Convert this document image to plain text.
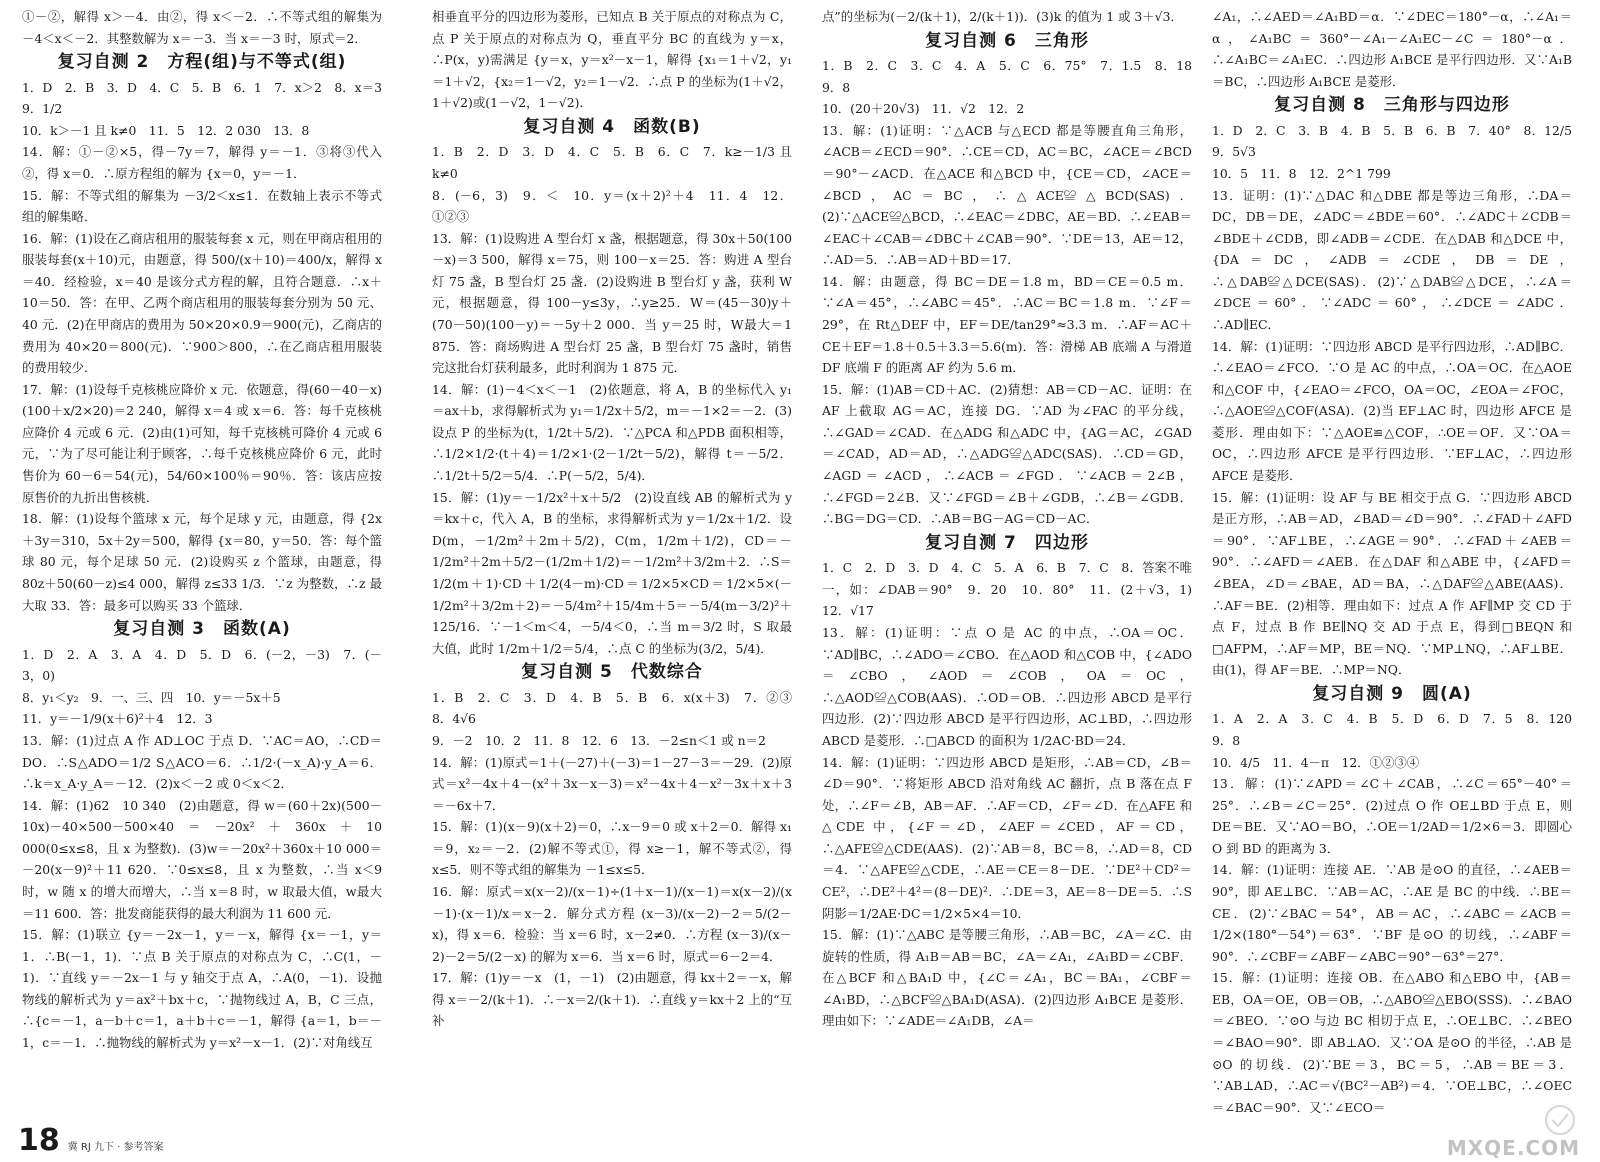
①－②，解得 x＞－4．由②，得 x＜－2．∴不等式组的解集为 －4＜x＜－2．其整数解为 x＝－3．当 x＝－3 时，原式＝2．
复习自测 2　方程(组)与不等式(组)
1．D　2．B　3．D　4．C　5．B　6．1　7．x＞2　8．x＝3　9．1/2
10．k＞－1 且 k≠0　11．5　12．2 030　13．8
14．解：①－②×5，得－7y＝7，解得 y＝－1．③将③代入②，得 x＝0．∴原方程组的解为 {x＝0，y＝－1．
15．解：不等式组的解集为 －3/2＜x≤1．在数轴上表示不等式组的解集略．
16．解：(1)设在乙商店租用的服装每套 x 元，则在甲商店租用的服装每套(x＋10)元，由题意，得 500/(x＋10)＝400/x，解得 x＝40．经检验，x＝40 是该分式方程的解，且符合题意．∴x＋10＝50．答：在甲、乙两个商店租用的服装每套分别为 50 元、40 元．(2)在甲商店的费用为 50×20×0.9＝900(元)，乙商店的费用为 40×20＝800(元)．∵900＞800，∴在乙商店租用服装的费用较少．
17．解：(1)设每千克核桃应降价 x 元．依题意，得(60－40－x)(100＋x/2×20)＝2 240，解得 x＝4 或 x＝6．答：每千克核桃应降价 4 元或 6 元．(2)由(1)可知，每千克核桃可降价 4 元或 6 元，∵为了尽可能让利于顾客，∴每千克核桃应降价 6 元，此时售价为 60－6＝54(元)，54/60×100％＝90％．答：该店应按原售价的九折出售核桃．
18．解：(1)设每个篮球 x 元，每个足球 y 元，由题意，得 {2x＋3y＝310，5x＋2y＝500，解得 {x＝80，y＝50．答：每个篮球 80 元，每个足球 50 元．(2)设购买 z 个篮球，由题意，得 80z＋50(60－z)≤4 000，解得 z≤33 1/3．∵z 为整数，∴z 最大取 33．答：最多可以购买 33 个篮球．
复习自测 3　函数(A)
1．D　2．A　3．A　4．D　5．D　6．(－2，－3)　7．(－3，0)
8．y₁＜y₂　9．一、三、四　10．y＝－5x＋5
11．y＝－1/9(x＋6)²＋4　12．3
13．解：(1)过点 A 作 AD⊥OC 于点 D．∵AC＝AO，∴CD＝DO．∴S△ADO＝1/2 S△ACO＝6．∴1/2·(－x_A)·y_A＝6．∴k＝x_A·y_A＝－12．(2)x＜－2 或 0＜x＜2．
14．解：(1)62　10 340　(2)由题意，得 w＝(60＋2x)(500－10x)－40×500－500×40＝－20x²＋360x＋10 000(0≤x≤8，且 x 为整数)．(3)w＝－20x²＋360x＋10 000＝－20(x－9)²＋11 620．∵0≤x≤8，且 x 为整数，∴当 x＜9 时，w 随 x 的增大而增大，∴当 x＝8 时，w 取最大值，w最大＝11 600．答：批发商能获得的最大利润为 11 600 元．
15．解：(1)联立 {y＝－2x－1，y＝－x，解得 {x＝－1，y＝1．∴B(－1，1)．∵点 B 关于原点的对称点为 C，∴C(1，－1)．∵直线 y＝－2x－1 与 y 轴交于点 A，∴A(0，－1)．设抛物线的解析式为 y＝ax²＋bx＋c，∵抛物线过 A，B，C 三点，∴{c＝－1，a－b＋c＝1，a＋b＋c＝－1，解得 {a＝1，b＝－1，c＝－1．∴抛物线的解析式为 y＝x²－x－1．(2)∵对角线互
相垂直平分的四边形为菱形，已知点 B 关于原点的对称点为 C，点 P 关于原点的对称点为 Q，垂直平分 BC 的直线为 y＝x，∴P(x，y)需满足 {y＝x，y＝x²－x－1，解得 {x₁＝1＋√2，y₁＝1＋√2，{x₂＝1－√2，y₂＝1－√2．∴点 P 的坐标为(1＋√2，1＋√2)或(1－√2，1－√2)．
复习自测 4　函数(B)
1．B　2．D　3．D　4．C　5．B　6．C　7．k≥－1/3 且 k≠0
8．(－6，3)　9．＜　10．y＝(x＋2)²＋4　11．4　12．①②③
13．解：(1)设购进 A 型台灯 x 盏，根据题意，得 30x＋50(100－x)＝3 500，解得 x＝75，则 100－x＝25．答：购进 A 型台灯 75 盏，B 型台灯 25 盏．(2)设购进 B 型台灯 y 盏，获利 W 元，根据题意，得 100－y≤3y，∴y≥25．W＝(45－30)y＋(70－50)(100－y)＝－5y＋2 000．当 y＝25 时，W最大＝1 875．答：商场购进 A 型台灯 25 盏，B 型台灯 75 盏时，销售完这批台灯获利最多，此时利润为 1 875 元．
14．解：(1)－4＜x＜－1　(2)依题意，将 A，B 的坐标代入 y₁＝ax＋b，求得解析式为 y₁＝1/2x＋5/2，m＝－1×2＝－2．(3)设点 P 的坐标为(t，1/2t＋5/2)．∵△PCA 和△PDB 面积相等，∴1/2×1/2·(t＋4)＝1/2×1·(2－1/2t－5/2)，解得 t＝－5/2．∴1/2t＋5/2＝5/4．∴P(－5/2，5/4)．
15．解：(1)y＝－1/2x²＋x＋5/2　(2)设直线 AB 的解析式为 y＝kx＋c，代入 A，B 的坐标，求得解析式为 y＝1/2x＋1/2．设 D(m，－1/2m²＋2m＋5/2)，C(m，1/2m＋1/2)，CD＝－1/2m²＋2m＋5/2－(1/2m＋1/2)＝－1/2m²＋3/2m＋2．∴S＝1/2(m＋1)·CD＋1/2(4－m)·CD＝1/2×5×CD＝1/2×5×(－1/2m²＋3/2m＋2)＝－5/4m²＋15/4m＋5＝－5/4(m－3/2)²＋125/16．∵－1＜m＜4，－5/4＜0，∴当 m＝3/2 时，S 取最大值，此时 1/2m＋1/2＝5/4，∴点 C 的坐标为(3/2，5/4)．
复习自测 5　代数综合
1．B　2．C　3．D　4．B　5．B　6．x(x＋3)　7．②③　8．4√6
9．－2　10．2　11．8　12．6　13．－2≤n＜1 或 n＝2
14．解：(1)原式＝1＋(－27)＋(－3)＝1－27－3＝－29．(2)原式＝x²－4x＋4－(x²＋3x－x－3)＝x²－4x＋4－x²－3x＋x＋3＝－6x＋7．
15．解：(1)(x－9)(x＋2)＝0，∴x－9＝0 或 x＋2＝0．解得 x₁＝9，x₂＝－2．(2)解不等式①，得 x≥－1，解不等式②，得 x≤5．则不等式组的解集为 －1≤x≤5．
16．解：原式＝x(x－2)/(x－1)÷(1＋x－1)/(x－1)＝x(x－2)/(x－1)·(x－1)/x＝x－2．解分式方程 (x－3)/(x－2)－2＝5/(2－x)，得 x＝6．检验：当 x＝6 时，x－2≠0．∴方程 (x－3)/(x－2)－2＝5/(2－x) 的解为 x＝6．当 x＝6 时，原式＝6－2＝4．
17．解：(1)y＝－x　(1，－1)　(2)由题意，得 kx＋2＝－x，解得 x＝－2/(k＋1)．∴－x＝2/(k＋1)．∴直线 y＝kx＋2 上的“互补
点”的坐标为(－2/(k＋1)，2/(k＋1))．(3)k 的值为 1 或 3＋√3．
复习自测 6　三角形
1．B　2．C　3．C　4．A　5．C　6．75°　7．1.5　8．18　9．8
10．(20＋20√3)　11．√2　12．2
13．解：(1)证明：∵△ACB 与△ECD 都是等腰直角三角形，∠ACB＝∠ECD＝90°．∴CE＝CD，AC＝BC，∠ACE＝∠BCD＝90°－∠ACD．在△ACE 和△BCD 中，{CE＝CD，∠ACE＝∠BCD，AC＝BC，∴△ACE≌△BCD(SAS)．(2)∵△ACE≌△BCD，∴∠EAC＝∠DBC，AE＝BD．∴∠EAB＝∠EAC＋∠CAB＝∠DBC＋∠CAB＝90°．∵DE＝13，AE＝12，∴AD＝5．∴AB＝AD＋BD＝17．
14．解：由题意，得 BC＝DE＝1.8 m，BD＝CE＝0.5 m．∵∠A＝45°，∴∠ABC＝45°．∴AC＝BC＝1.8 m．∵∠F＝29°，在 Rt△DEF 中，EF＝DE/tan29°≈3.3 m．∴AF＝AC＋CE＋EF＝1.8＋0.5＋3.3＝5.6(m)．答：滑梯 AB 底端 A 与滑道 DF 底端 F 的距离 AF 约为 5.6 m．
15．解：(1)AB＝CD＋AC．(2)猜想：AB＝CD－AC．证明：在 AF 上截取 AG＝AC，连接 DG．∵AD 为∠FAC 的平分线，∴∠GAD＝∠CAD．在△ADG 和△ADC 中，{AG＝AC，∠GAD＝∠CAD，AD＝AD，∴△ADG≌△ADC(SAS)．∴CD＝GD，∠AGD＝∠ACD，∴∠ACB＝∠FGD．∵∠ACB＝2∠B，∴∠FGD＝2∠B．又∵∠FGD＝∠B＋∠GDB，∴∠B＝∠GDB．∴BG＝DG＝CD．∴AB＝BG－AG＝CD－AC．
复习自测 7　四边形
1．C　2．D　3．D　4．C　5．A　6．B　7．C　8．答案不唯一，如：∠DAB＝90°　9．20　10．80°　11．(2＋√3，1)　12．√17
13．解：(1)证明：∵点 O 是 AC 的中点，∴OA＝OC．∵AD∥BC，∴∠ADO＝∠CBO．在△AOD 和△COB 中，{∠ADO＝∠CBO，∠AOD＝∠COB，OA＝OC，∴△AOD≌△COB(AAS)．∴OD＝OB．∴四边形 ABCD 是平行四边形．(2)∵四边形 ABCD 是平行四边形，AC⊥BD，∴四边形 ABCD 是菱形．∴□ABCD 的面积为 1/2AC·BD＝24．
14．解：(1)证明：∵四边形 ABCD 是矩形，∴AB＝CD，∠B＝∠D＝90°．∵将矩形 ABCD 沿对角线 AC 翻折，点 B 落在点 F 处，∴∠F＝∠B，AB＝AF．∴AF＝CD，∠F＝∠D．在△AFE 和△CDE 中，{∠F＝∠D，∠AEF＝∠CED，AF＝CD，∴△AFE≌△CDE(AAS)．(2)∵AB＝8，BC＝8，∴AD＝8，CD＝4．∵△AFE≌△CDE，∴AE＝CE＝8－DE．∵DE²＋CD²＝CE²，∴DE²＋4²＝(8－DE)²．∴DE＝3，AE＝8－DE＝5．∴S阴影＝1/2AE·DC＝1/2×5×4＝10．
15．解：(1)∵△ABC 是等腰三角形，∴AB＝BC，∠A＝∠C．由旋转的性质，得 A₁B＝AB＝BC，∠A＝∠A₁，∠A₁BD＝∠CBF．在△BCF 和△BA₁D 中，{∠C＝∠A₁，BC＝BA₁，∠CBF＝∠A₁BD，∴△BCF≌△BA₁D(ASA)．(2)四边形 A₁BCE 是菱形．理由如下：∵∠ADE＝∠A₁DB，∠A＝
∠A₁，∴∠AED＝∠A₁BD＝α．∵∠DEC＝180°－α，∴∠A₁＝α，∠A₁BC＝360°－∠A₁－∠A₁EC－∠C＝180°－α．∴∠A₁BC＝∠A₁EC．∴四边形 A₁BCE 是平行四边形．又∵A₁B＝BC，∴四边形 A₁BCE 是菱形．
复习自测 8　三角形与四边形
1．D　2．C　3．B　4．B　5．B　6．B　7．40°　8．12/5　9．5√3
10．5　11．8　12．2^1 799
13．证明：(1)∵△DAC 和△DBE 都是等边三角形，∴DA＝DC，DB＝DE，∠ADC＝∠BDE＝60°．∴∠ADC＋∠CDB＝∠BDE＋∠CDB，即∠ADB＝∠CDE．在△DAB 和△DCE 中，{DA＝DC，∠ADB＝∠CDE，DB＝DE，∴△DAB≌△DCE(SAS)．(2)∵△DAB≌△DCE，∴∠A＝∠DCE＝60°．∵∠ADC＝60°，∴∠DCE＝∠ADC．∴AD∥EC．
14．解：(1)证明：∵四边形 ABCD 是平行四边形，∴AD∥BC．∴∠EAO＝∠FCO．∵O 是 AC 的中点，∴OA＝OC．在△AOE 和△COF 中，{∠EAO＝∠FCO，OA＝OC，∠EOA＝∠FOC，∴△AOE≌△COF(ASA)．(2)当 EF⊥AC 时，四边形 AFCE 是菱形．理由如下：∵△AOE≌△COF，∴OE＝OF．又∵OA＝OC，∴四边形 AFCE 是平行四边形．∵EF⊥AC，∴四边形 AFCE 是菱形．
15．解：(1)证明：设 AF 与 BE 相交于点 G．∵四边形 ABCD 是正方形，∴AB＝AD，∠BAD＝∠D＝90°．∴∠FAD＋∠AFD＝90°．∵AF⊥BE，∴∠AGE＝90°．∴∠FAD＋∠AEB＝90°．∴∠AFD＝∠AEB．在△DAF 和△ABE 中，{∠AFD＝∠BEA，∠D＝∠BAE，AD＝BA，∴△DAF≌△ABE(AAS)．∴AF＝BE．(2)相等．理由如下：过点 A 作 AF∥MP 交 CD 于点 F，过点 B 作 BE∥NQ 交 AD 于点 E，得到□BEQN 和□AFPM，∴AF＝MP，BE＝NQ．∵MP⊥NQ，∴AF⊥BE．由(1)，得 AF＝BE．∴MP＝NQ．
复习自测 9　圆(A)
1．A　2．A　3．C　4．B　5．D　6．D　7．5　8．120　9．8
10．4/5　11．4－π　12．①②③④
13．解：(1)∵∠APD＝∠C＋∠CAB，∴∠C＝65°－40°＝25°．∴∠B＝∠C＝25°．(2)过点 O 作 OE⊥BD 于点 E，则 DE＝BE．又∵AO＝BO，∴OE＝1/2AD＝1/2×6＝3．即圆心 O 到 BD 的距离为 3．
14．解：(1)证明：连接 AE．∵AB 是⊙O 的直径，∴∠AEB＝90°，即 AE⊥BC．∵AB＝AC，∴AE 是 BC 的中线．∴BE＝CE．(2)∵∠BAC＝54°，AB＝AC，∴∠ABC＝∠ACB＝1/2×(180°－54°)＝63°．∵BF 是⊙O 的切线，∴∠ABF＝90°．∴∠CBF＝∠ABF－∠ABC＝90°－63°＝27°．
15．解：(1)证明：连接 OB．在△ABO 和△EBO 中，{AB＝EB，OA＝OE，OB＝OB，∴△ABO≌△EBO(SSS)．∴∠BAO＝∠BEO．∵⊙O 与边 BC 相切于点 E，∴OE⊥BC．∴∠BEO＝∠BAO＝90°．即 AB⊥AO．又∵OA 是⊙O 的半径，∴AB 是⊙O 的切线．(2)∵BE＝3，BC＝5，∴AB＝BE＝3．∵AB⊥AD，∴AC＝√(BC²－AB²)＝4．∵OE⊥BC，∴∠OEC＝∠BAC＝90°．又∵∠ECO＝
18 冀 RJ 九下 · 参考答案	MXQE.COM
